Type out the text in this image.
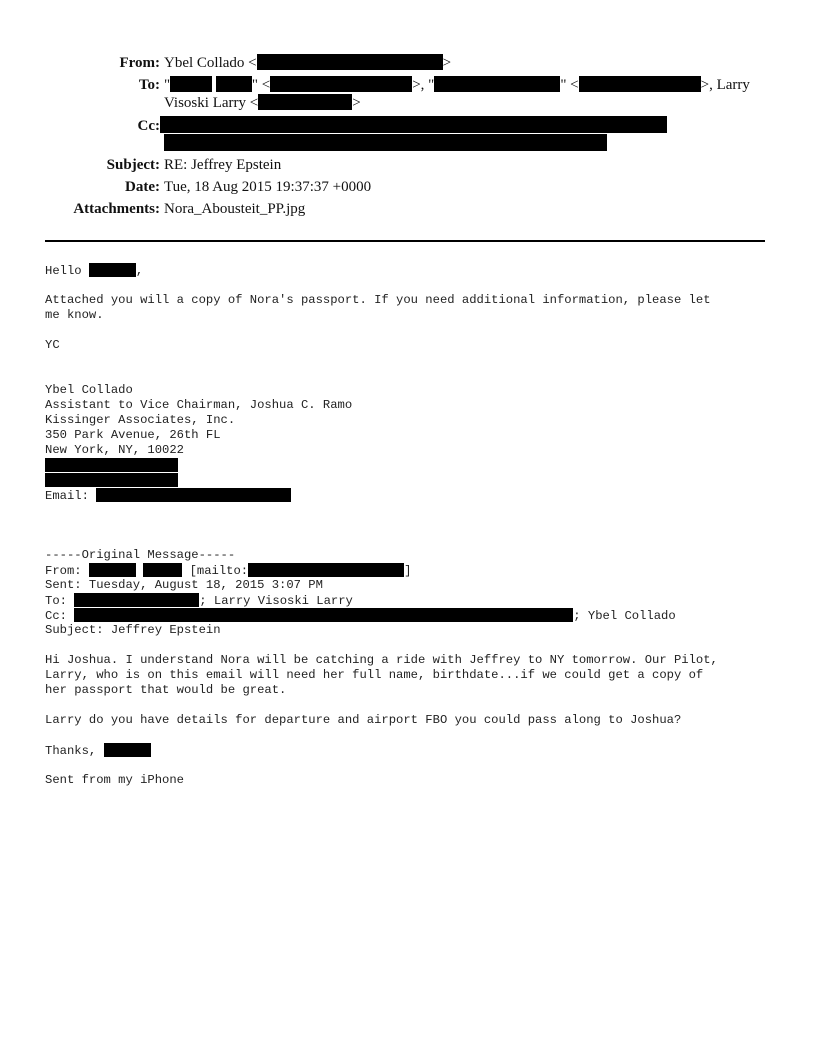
From: Ybel Collado <	>
To: "	" <	>, "	" <	>, Larry
Visoski Larry <	>
Cc:
Subject: RE: Jeffrey Epstein
Date: Tue, 18 Aug 2015 19:37:37 +0000
Attachments: Nora_Abousteit_PP.jpg
Hello	,
Attached you will a copy of Nora's passport. If you need additional information, please let
me know.
YC
Ybel Collado
Assistant to Vice Chairman, Joshua C. Ramo
Kissinger Associates, Inc.
350 Park Avenue, 26th FL
New York, NY, 10022
Email:
-----Original Message-----
From:	[mailto:	]
Sent: Tuesday, August 18, 2015 3:07 PM
To:	; Larry Visoski Larry
Cc:	; Ybel Collado
Subject: Jeffrey Epstein
Hi Joshua. I understand Nora will be catching a ride with Jeffrey to NY tomorrow. Our Pilot,
Larry, who is on this email will need her full name, birthdate...if we could get a copy of
her passport that would be great.
Larry do you have details for departure and airport FBO you could pass along to Joshua?
Thanks,
Sent from my iPhone
